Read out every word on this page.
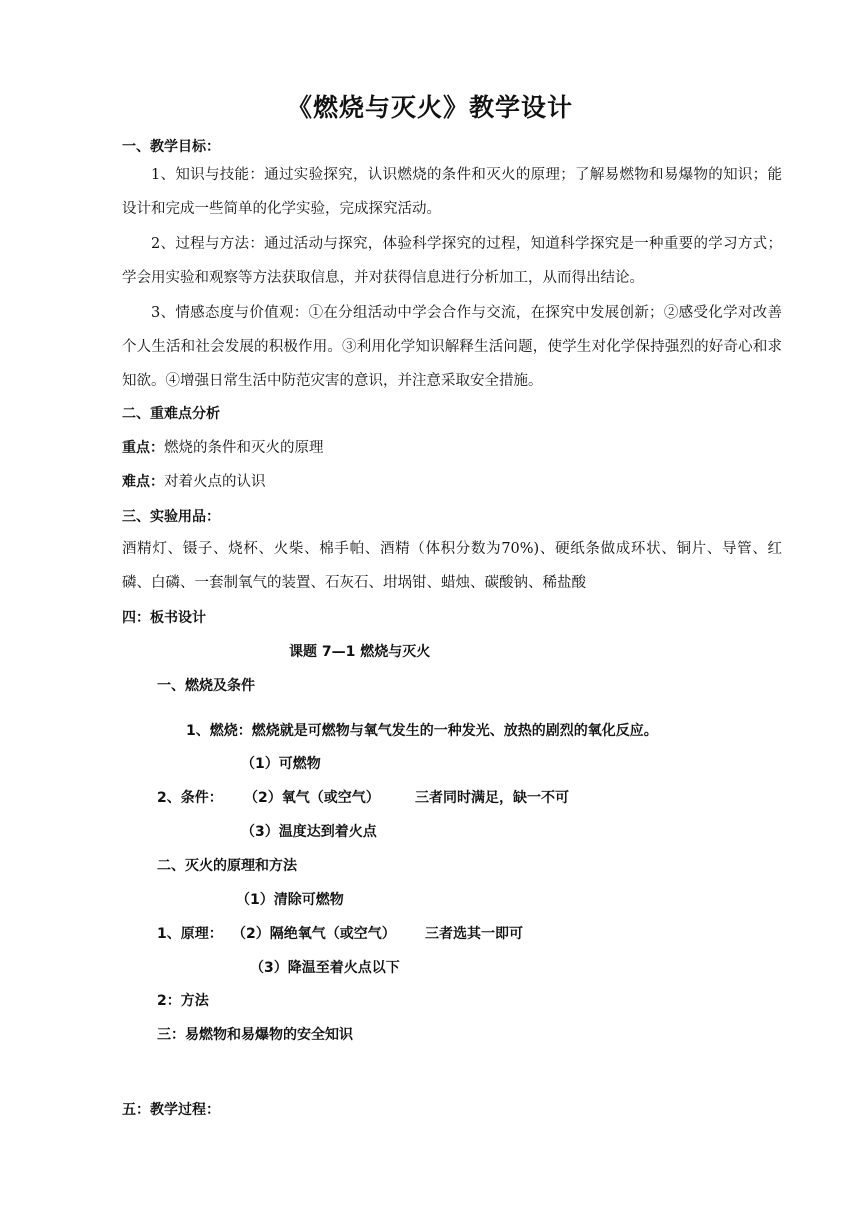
《燃烧与灭火》教学设计
一、教学目标：
1、知识与技能：通过实验探究，认识燃烧的条件和灭火的原理；了解易燃物和易爆物的知识；能设计和完成一些简单的化学实验，完成探究活动。
2、过程与方法：通过活动与探究，体验科学探究的过程，知道科学探究是一种重要的学习方式；学会用实验和观察等方法获取信息，并对获得信息进行分析加工，从而得出结论。
3、情感态度与价值观：①在分组活动中学会合作与交流，在探究中发展创新；②感受化学对改善个人生活和社会发展的积极作用。③利用化学知识解释生活问题，使学生对化学保持强烈的好奇心和求知欲。④增强日常生活中防范灾害的意识，并注意采取安全措施。
二、重难点分析
重点：燃烧的条件和灭火的原理
难点：对着火点的认识
三、实验用品：
酒精灯、镊子、烧杯、火柴、棉手帕、酒精（体积分数为70%)、硬纸条做成环状、铜片、导管、红磷、白磷、一套制氧气的装置、石灰石、坩埚钳、蜡烛、碳酸钠、稀盐酸
四：板书设计
课题 7—1 燃烧与灭火
一、燃烧及条件
1、燃烧：燃烧就是可燃物与氧气发生的一种发光、放热的剧烈的氧化反应。
（1）可燃物
2、条件： （2）氧气（或空气）	三者同时满足，缺一不可
（3）温度达到着火点
二、灭火的原理和方法
（1）清除可燃物
1、原理： （2）隔绝氧气（或空气） 三者选其一即可
（3）降温至着火点以下
2：方法
三：易燃物和易爆物的安全知识
五：教学过程：
